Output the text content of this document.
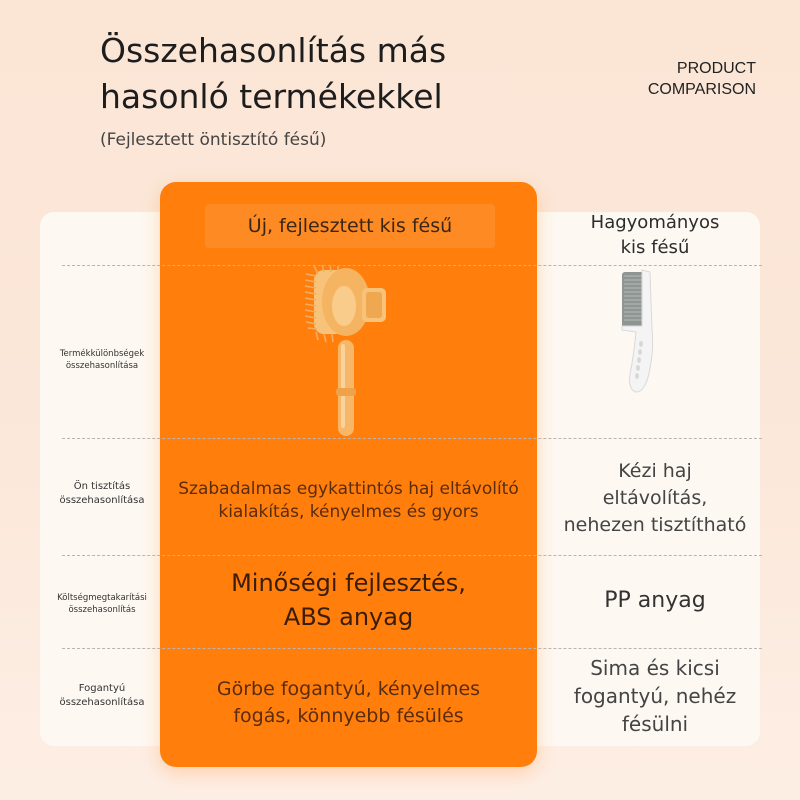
Összehasonlítás más hasonló termékekkel
(Fejlesztett öntisztító fésű)
PRODUCT
COMPARISON
Új, fejlesztett kis fésű	Hagyományos
kis fésű
Termékkülönbségek
összehasonlítása
Ön tisztítás
összehasonlítása
Szabadalmas egykattintós haj eltávolító
kialakítás, kényelmes és gyors
Kézi haj
eltávolítás,
nehezen tisztítható
Költségmegtakarítási
összehasonlítás
Minőségi fejlesztés,
ABS anyag
PP anyag
Fogantyú
összehasonlítása
Görbe fogantyú, kényelmes
fogás, könnyebb fésülés
Sima és kicsi
fogantyú, nehéz
fésülni
